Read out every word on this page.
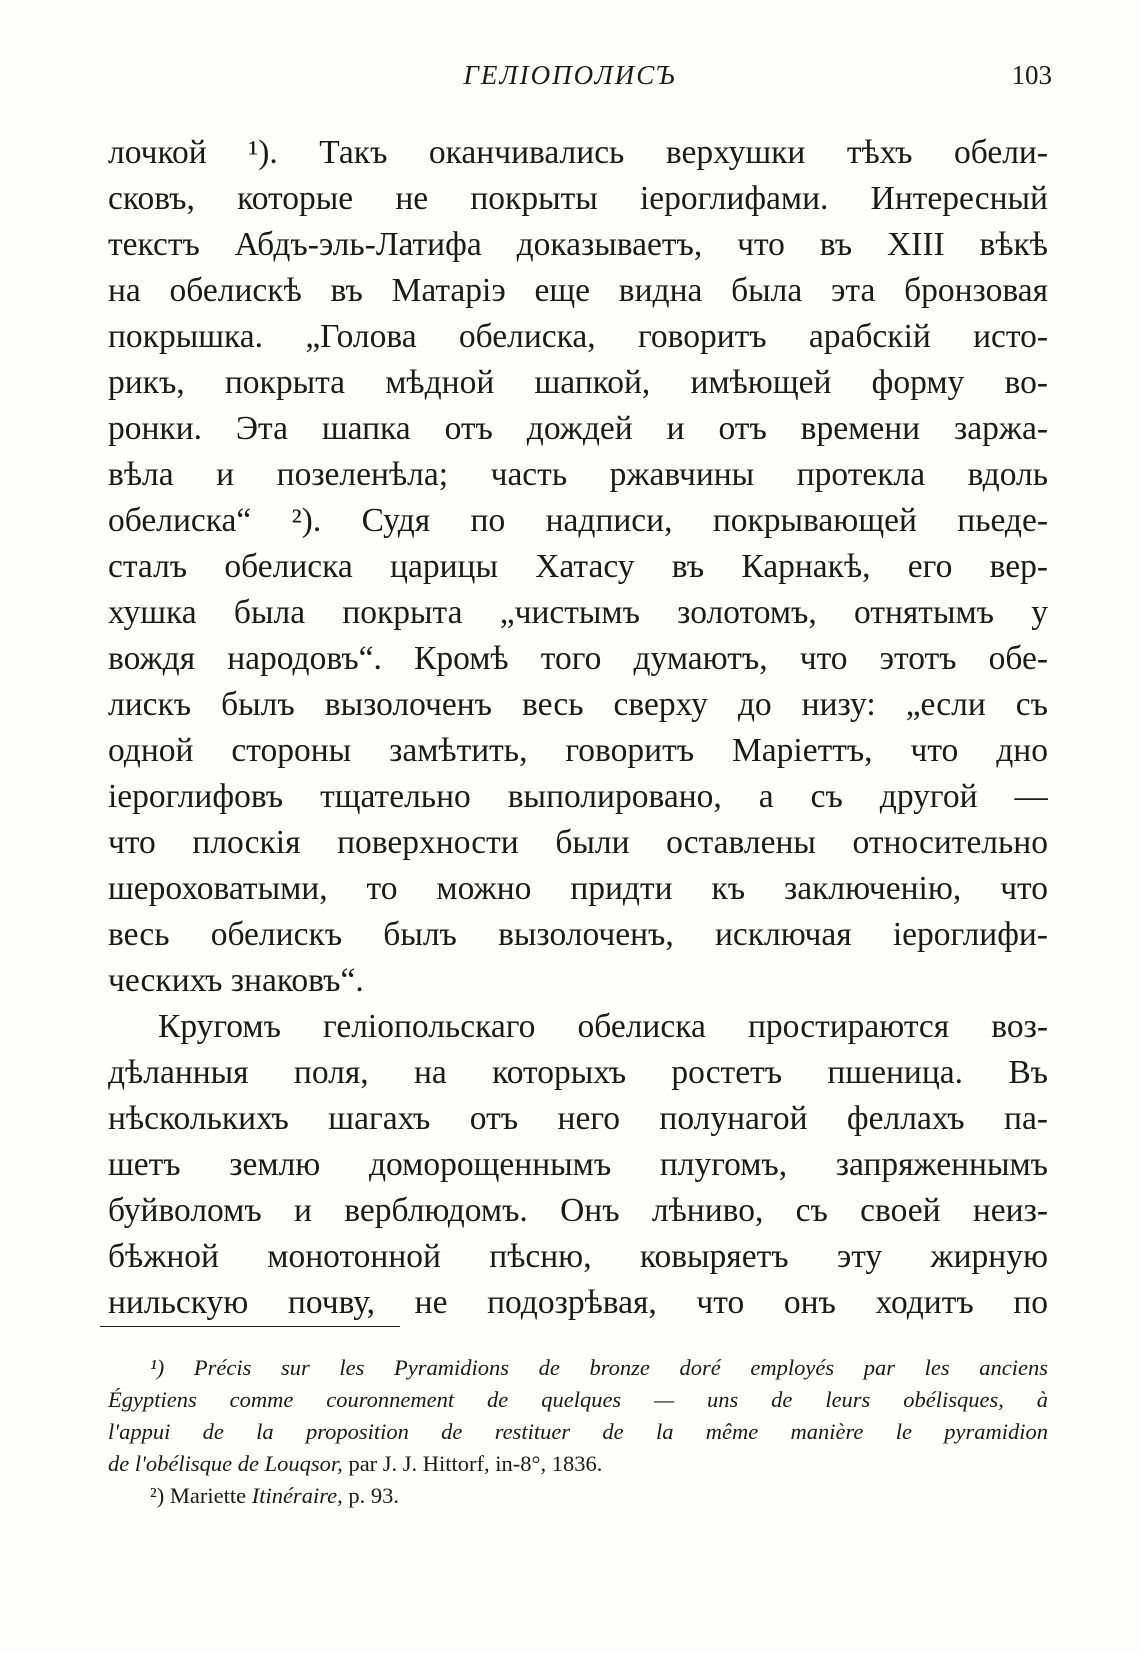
ГЕЛІОПОЛИСЪ	103
лочкой ¹). Такъ оканчивались верхушки тѣхъ обели-
сковъ, которые не покрыты іероглифами. Интересный
текстъ Абдъ-эль-Латифа доказываетъ, что въ XIII вѣкѣ
на обелискѣ въ Матаріэ еще видна была эта бронзовая
покрышка. „Голова обелиска, говоритъ арабскій исто-
рикъ, покрыта мѣдной шапкой, имѣющей форму во-
ронки. Эта шапка отъ дождей и отъ времени заржа-
вѣла и позеленѣла; часть ржавчины протекла вдоль
обелиска“ ²). Судя по надписи, покрывающей пьеде-
сталъ обелиска царицы Хатасу въ Карнакѣ, его вер-
хушка была покрыта „чистымъ золотомъ, отнятымъ у
вождя народовъ“. Кромѣ того думаютъ, что этотъ обе-
лискъ былъ вызолоченъ весь сверху до низу: „если съ
одной стороны замѣтить, говоритъ Маріеттъ, что дно
іероглифовъ тщательно выполировано, а съ другой —
что плоскія поверхности были оставлены относительно
шероховатыми, то можно придти къ заключенію, что
весь обелискъ былъ вызолоченъ, исключая іероглифи-
ческихъ знаковъ“.
Кругомъ геліопольскаго обелиска простираются воз-
дѣланныя поля, на которыхъ ростетъ пшеница. Въ
нѣсколькихъ шагахъ отъ него полунагой феллахъ па-
шетъ землю доморощеннымъ плугомъ, запряженнымъ
буйволомъ и верблюдомъ. Онъ лѣниво, съ своей неиз-
бѣжной монотонной пѣсню, ковыряетъ эту жирную
нильскую почву, не подозрѣвая, что онъ ходитъ по
¹) Précis sur les Pyramidions de bronze doré employés par les anciens
Égyptiens comme couronnement de quelques — uns de leurs obélisques, à
l'appui de la proposition de restituer de la même manière le pyramidion
de l'obélisque de Louqsor, par J. J. Hittorf, in-8°, 1836.
²) Mariette Itinéraire, p. 93.
